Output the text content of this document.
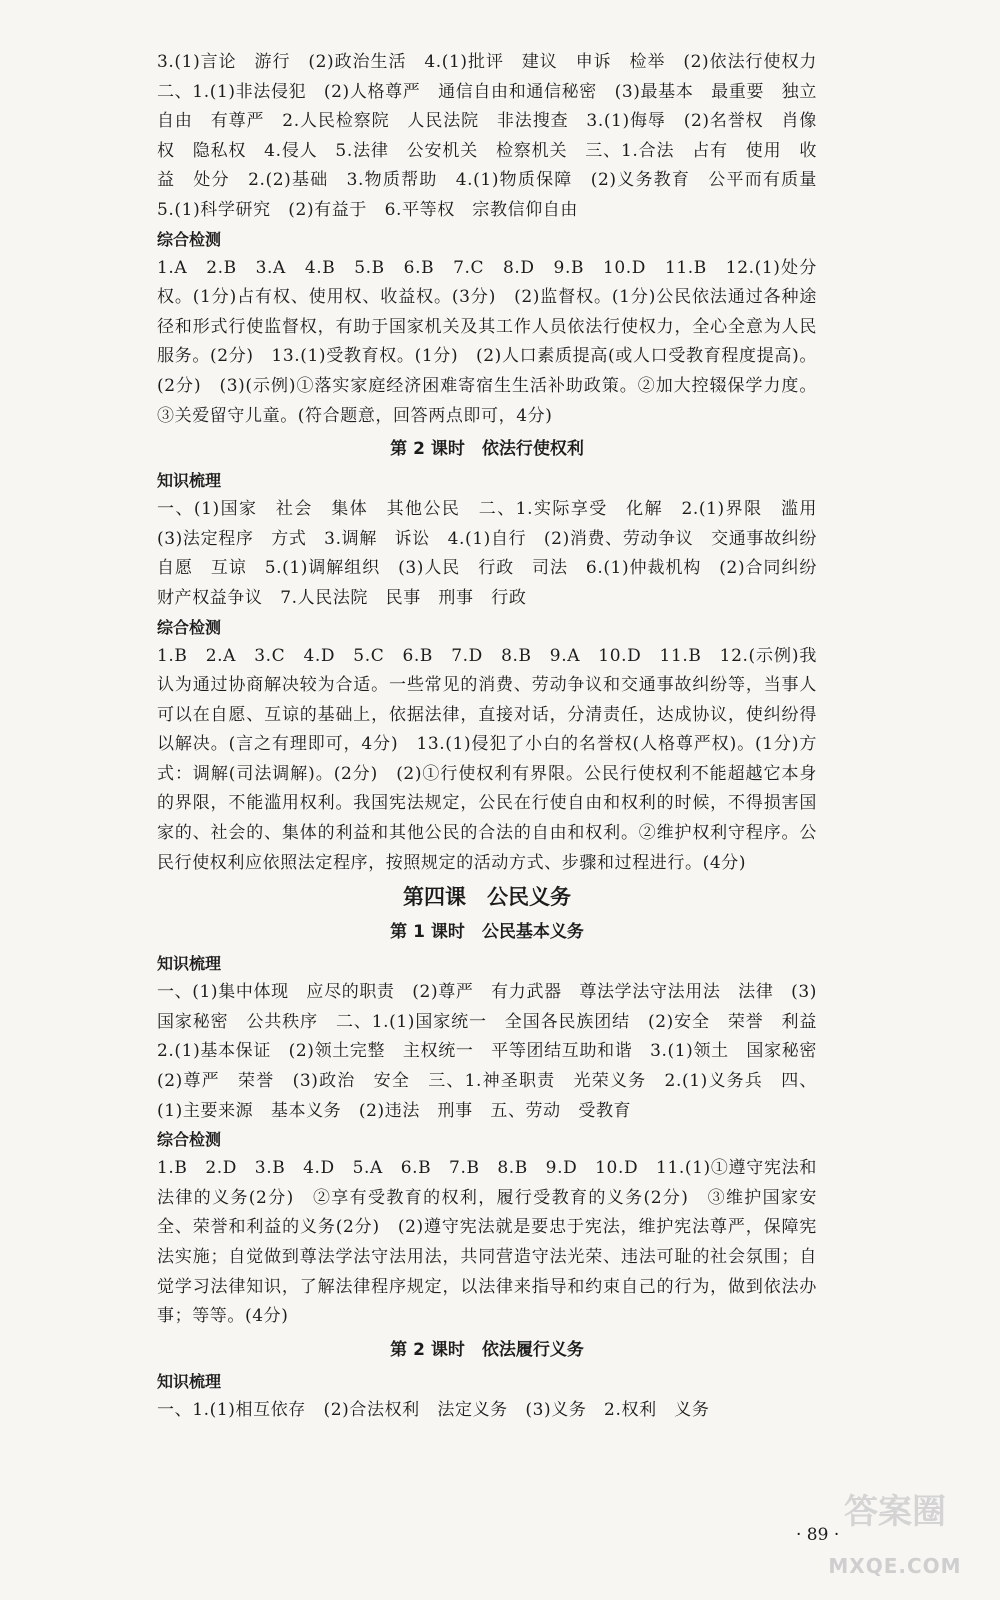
3.(1)言论　游行　(2)政治生活　4.(1)批评　建议　申诉　检举　(2)依法行使权力　二、1.(1)非法侵犯　(2)人格尊严　通信自由和通信秘密　(3)最基本　最重要　独立　自由　有尊严　2.人民检察院　人民法院　非法搜查　3.(1)侮辱　(2)名誉权　肖像权　隐私权　4.侵人　5.法律　公安机关　检察机关　三、1.合法　占有　使用　收益　处分　2.(2)基础　3.物质帮助　4.(1)物质保障　(2)义务教育　公平而有质量　5.(1)科学研究　(2)有益于　6.平等权　宗教信仰自由

综合检测

1.A　2.B　3.A　4.B　5.B　6.B　7.C　8.D　9.B　10.D　11.B　12.(1)处分权。(1分)占有权、使用权、收益权。(3分)　(2)监督权。(1分)公民依法通过各种途径和形式行使监督权，有助于国家机关及其工作人员依法行使权力，全心全意为人民服务。(2分)　13.(1)受教育权。(1分)　(2)人口素质提高(或人口受教育程度提高)。(2分)　(3)(示例)①落实家庭经济困难寄宿生生活补助政策。②加大控辍保学力度。③关爱留守儿童。(符合题意，回答两点即可，4分)

第 2 课时　依法行使权利

知识梳理

一、(1)国家　社会　集体　其他公民　二、1.实际享受　化解　2.(1)界限　滥用　(3)法定程序　方式　3.调解　诉讼　4.(1)自行　(2)消费、劳动争议　交通事故纠纷　自愿　互谅　5.(1)调解组织　(3)人民　行政　司法　6.(1)仲裁机构　(2)合同纠纷　财产权益争议　7.人民法院　民事　刑事　行政

综合检测

1.B　2.A　3.C　4.D　5.C　6.B　7.D　8.B　9.A　10.D　11.B　12.(示例)我认为通过协商解决较为合适。一些常见的消费、劳动争议和交通事故纠纷等，当事人可以在自愿、互谅的基础上，依据法律，直接对话，分清责任，达成协议，使纠纷得以解决。(言之有理即可，4分)　13.(1)侵犯了小白的名誉权(人格尊严权)。(1分)方式：调解(司法调解)。(2分)　(2)①行使权利有界限。公民行使权利不能超越它本身的界限，不能滥用权利。我国宪法规定，公民在行使自由和权利的时候，不得损害国家的、社会的、集体的利益和其他公民的合法的自由和权利。②维护权利守程序。公民行使权利应依照法定程序，按照规定的活动方式、步骤和过程进行。(4分)

第四课　公民义务

第 1 课时　公民基本义务

知识梳理

一、(1)集中体现　应尽的职责　(2)尊严　有力武器　尊法学法守法用法　法律　(3)国家秘密　公共秩序　二、1.(1)国家统一　全国各民族团结　(2)安全　荣誉　利益　2.(1)基本保证　(2)领土完整　主权统一　平等团结互助和谐　3.(1)领土　国家秘密　(2)尊严　荣誉　(3)政治　安全　三、1.神圣职责　光荣义务　2.(1)义务兵　四、(1)主要来源　基本义务　(2)违法　刑事　五、劳动　受教育

综合检测

1.B　2.D　3.B　4.D　5.A　6.B　7.B　8.B　9.D　10.D　11.(1)①遵守宪法和法律的义务(2分)　②享有受教育的权利，履行受教育的义务(2分)　③维护国家安全、荣誉和利益的义务(2分)　(2)遵守宪法就是要忠于宪法，维护宪法尊严，保障宪法实施；自觉做到尊法学法守法用法，共同营造守法光荣、违法可耻的社会氛围；自觉学习法律知识，了解法律程序规定，以法律来指导和约束自己的行为，做到依法办事；等等。(4分)

第 2 课时　依法履行义务

知识梳理

一、1.(1)相互依存　(2)合法权利　法定义务　(3)义务　2.权利　义务

· 89 ·
答案圈
MXQE.COM
